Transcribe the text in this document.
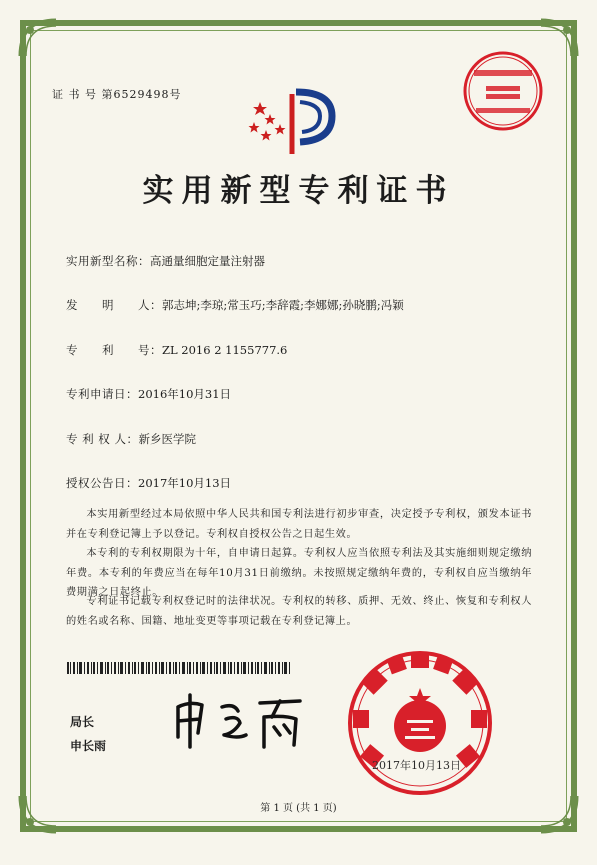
证 书 号 第6529498号
实用新型专利证书
实用新型名称：高通量细胞定量注射器
发　　明　　人：郭志坤;李琼;常玉巧;李辞霞;李娜娜;孙晓鹏;冯颖
专　　利　　号：ZL 2016 2 1155777.6
专利申请日：2016年10月31日
专 利 权 人：新乡医学院
授权公告日：2017年10月13日
本实用新型经过本局依照中华人民共和国专利法进行初步审查，决定授予专利权，颁发本证书并在专利登记簿上予以登记。专利权自授权公告之日起生效。
本专利的专利权期限为十年，自申请日起算。专利权人应当依照专利法及其实施细则规定缴纳年费。本专利的年费应当在每年10月31日前缴纳。未按照规定缴纳年费的，专利权自应当缴纳年费期满之日起终止。
专利证书记载专利权登记时的法律状况。专利权的转移、质押、无效、终止、恢复和专利权人的姓名或名称、国籍、地址变更等事项记载在专利登记簿上。
局长
申长雨
2017年10月13日
第 1 页 (共 1 页)
